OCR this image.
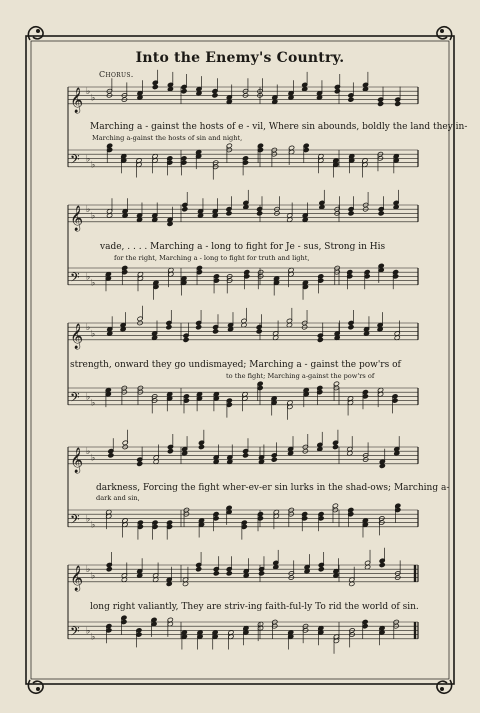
Into the Enemy's Country.
Chorus.
𝄞 ♭
♭
𝄢 ♭
♭
𝄞 ♭
♭
𝄢 ♭
♭
𝄞 ♭
♭
𝄢 ♭
♭
𝄞 ♭
♭
𝄢 ♭
♭
𝄞 ♭
♭
𝄢 ♭
♭
Marching a - gainst the hosts of e - vil, Where sin abounds, boldly the land they in-
Marching a-gainst the hosts of sin and night,
vade, . . . . Marching a - long to fight for Je - sus, Strong in His
for the right, Marching a - long to fight for truth and light,
strength, onward they go undismayed; Marching a - gainst the pow'rs of
to the fight; Marching a-gainst the pow'rs of
darkness, Forcing the fight wher-ev-er sin lurks in the shad-ows; Marching a-
dark and sin,
long right valiantly, They are striv-ing faith-ful-ly To rid the world of sin.
